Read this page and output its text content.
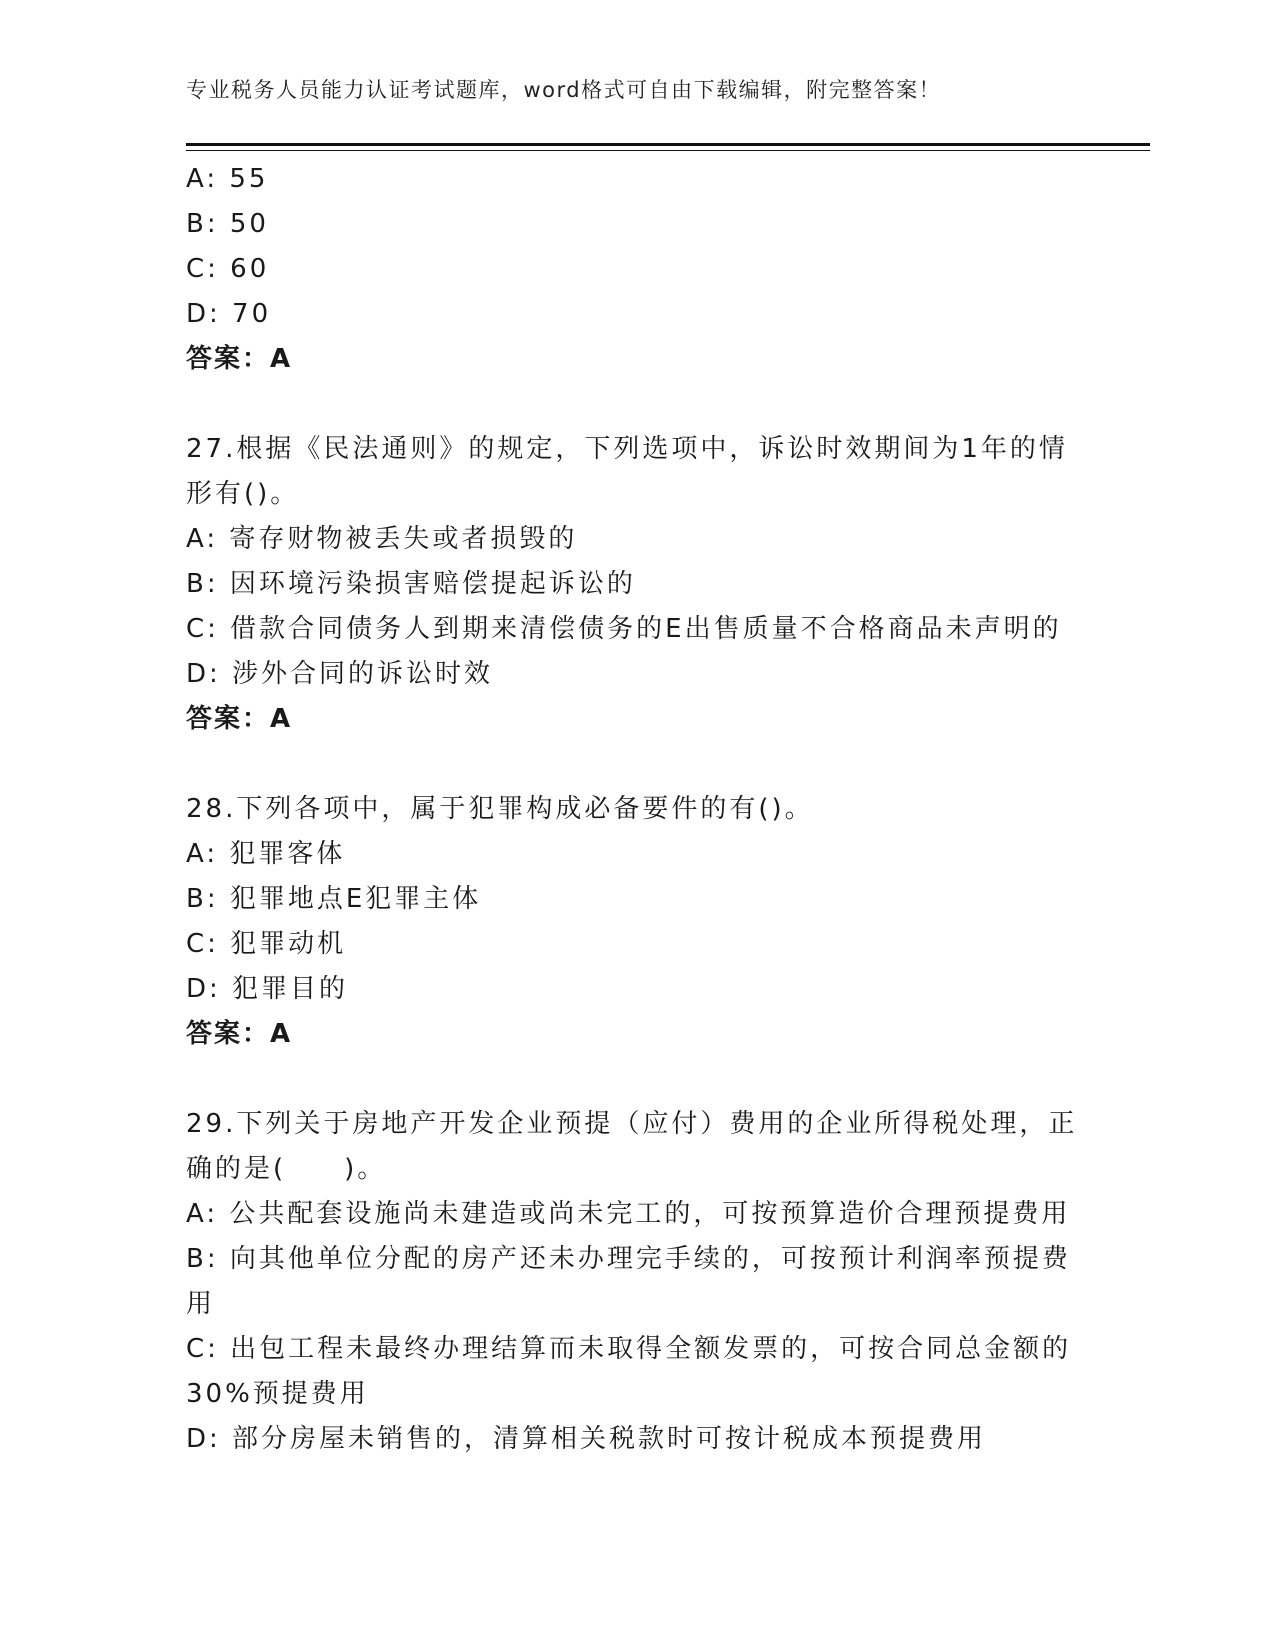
专业税务人员能力认证考试题库，word格式可自由下载编辑，附完整答案！
A: 55
B: 50
C: 60
D: 70
答案：A
27.根据《民法通则》的规定，下列选项中，诉讼时效期间为1年的情
形有()。
A: 寄存财物被丢失或者损毁的
B: 因环境污染损害赔偿提起诉讼的
C: 借款合同债务人到期来清偿债务的E出售质量不合格商品未声明的
D: 涉外合同的诉讼时效
答案：A
28.下列各项中，属于犯罪构成必备要件的有()。
A: 犯罪客体
B: 犯罪地点E犯罪主体
C: 犯罪动机
D: 犯罪目的
答案：A
29.下列关于房地产开发企业预提（应付）费用的企业所得税处理，正
确的是(　　)。
A: 公共配套设施尚未建造或尚未完工的，可按预算造价合理预提费用
B: 向其他单位分配的房产还未办理完手续的，可按预计利润率预提费
用
C: 出包工程未最终办理结算而未取得全额发票的，可按合同总金额的
30%预提费用
D: 部分房屋未销售的，清算相关税款时可按计税成本预提费用
